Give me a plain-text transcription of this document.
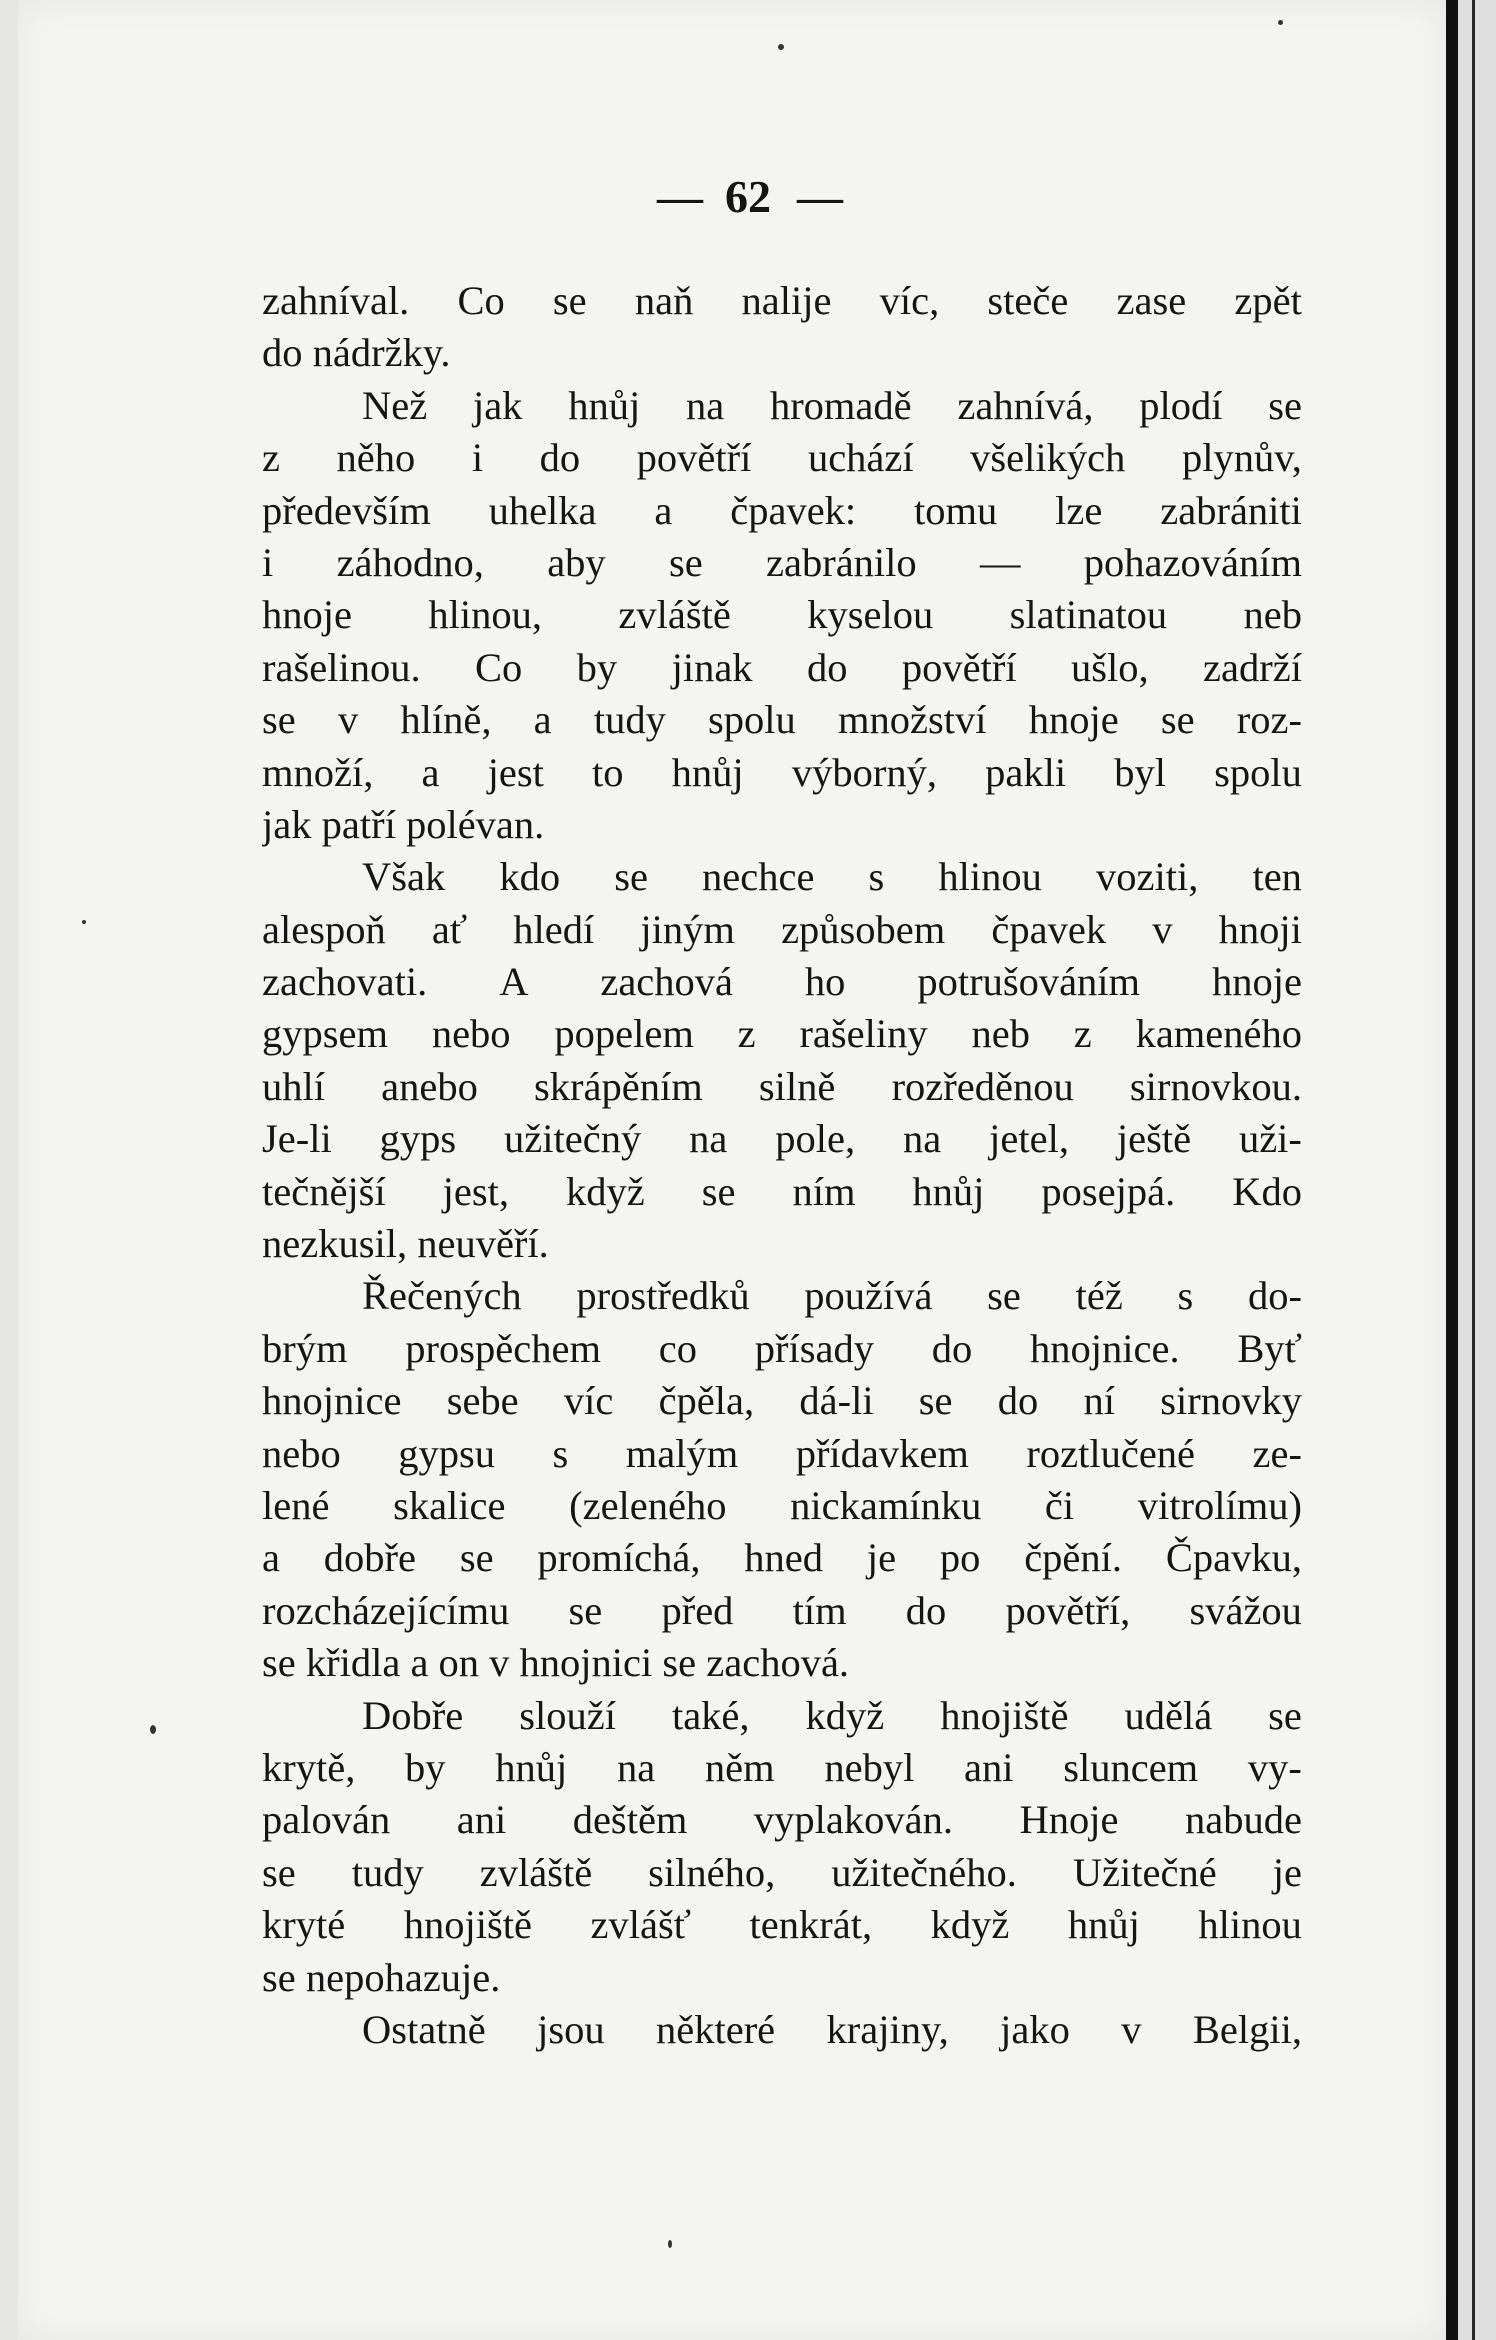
— 62 —
zahníval. Co se naň nalije víc, steče zase zpět
do nádržky.
Než jak hnůj na hromadě zahnívá, plodí se
z něho i do povětří uchází všelikých plynův,
především uhelka a čpavek: tomu lze zabrániti
i záhodno, aby se zabránilo — pohazováním
hnoje hlinou, zvláště kyselou slatinatou neb
rašelinou. Co by jinak do povětří ušlo, zadrží
se v hlíně, a tudy spolu množství hnoje se roz-
množí, a jest to hnůj výborný, pakli byl spolu
jak patří polévan.
Však kdo se nechce s hlinou voziti, ten
alespoň ať hledí jiným způsobem čpavek v hnoji
zachovati. A zachová ho potrušováním hnoje
gypsem nebo popelem z rašeliny neb z kameného
uhlí anebo skrápěním silně rozředěnou sirnovkou.
Je-li gyps užitečný na pole, na jetel, ještě uži-
tečnější jest, když se ním hnůj posejpá. Kdo
nezkusil, neuvěří.
Řečených prostředků používá se též s do-
brým prospěchem co přísady do hnojnice. Byť
hnojnice sebe víc čpěla, dá-li se do ní sirnovky
nebo gypsu s malým přídavkem roztlučené ze-
lené skalice (zeleného nickamínku či vitrolímu)
a dobře se promíchá, hned je po čpění. Čpavku,
rozcházejícímu se před tím do povětří, svážou
se křidla a on v hnojnici se zachová.
Dobře slouží také, když hnojiště udělá se
krytě, by hnůj na něm nebyl ani sluncem vy-
palován ani deštěm vyplakován. Hnoje nabude
se tudy zvláště silného, užitečného. Užitečné je
kryté hnojiště zvlášť tenkrát, když hnůj hlinou
se nepohazuje.
Ostatně jsou některé krajiny, jako v Belgii,
